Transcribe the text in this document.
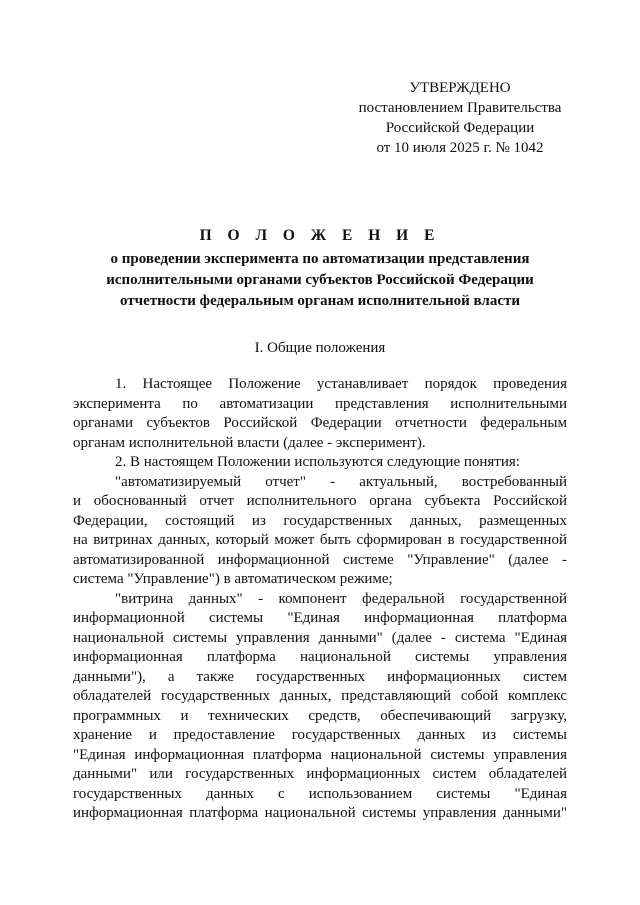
УТВЕРЖДЕНО
постановлением Правительства
Российской Федерации
от 10 июля 2025 г. № 1042
П О Л О Ж Е Н И Е
о проведении эксперимента по автоматизации представления
исполнительными органами субъектов Российской Федерации
отчетности федеральным органам исполнительной власти
I. Общие положения
1. Настоящее Положение устанавливает порядок проведения
эксперимента по автоматизации представления исполнительными
органами субъектов Российской Федерации отчетности федеральным
органам исполнительной власти (далее - эксперимент).
2. В настоящем Положении используются следующие понятия:
"автоматизируемый отчет" - актуальный, востребованный
и обоснованный отчет исполнительного органа субъекта Российской
Федерации, состоящий из государственных данных, размещенных
на витринах данных, который может быть сформирован в государственной
автоматизированной информационной системе "Управление" (далее -
система "Управление") в автоматическом режиме;
"витрина данных" - компонент федеральной государственной
информационной системы "Единая информационная платформа
национальной системы управления данными" (далее - система "Единая
информационная платформа национальной системы управления
данными"), а также государственных информационных систем
обладателей государственных данных, представляющий собой комплекс
программных и технических средств, обеспечивающий загрузку,
хранение и предоставление государственных данных из системы
"Единая информационная платформа национальной системы управления
данными" или государственных информационных систем обладателей
государственных данных с использованием системы "Единая
информационная платформа национальной системы управления данными"
